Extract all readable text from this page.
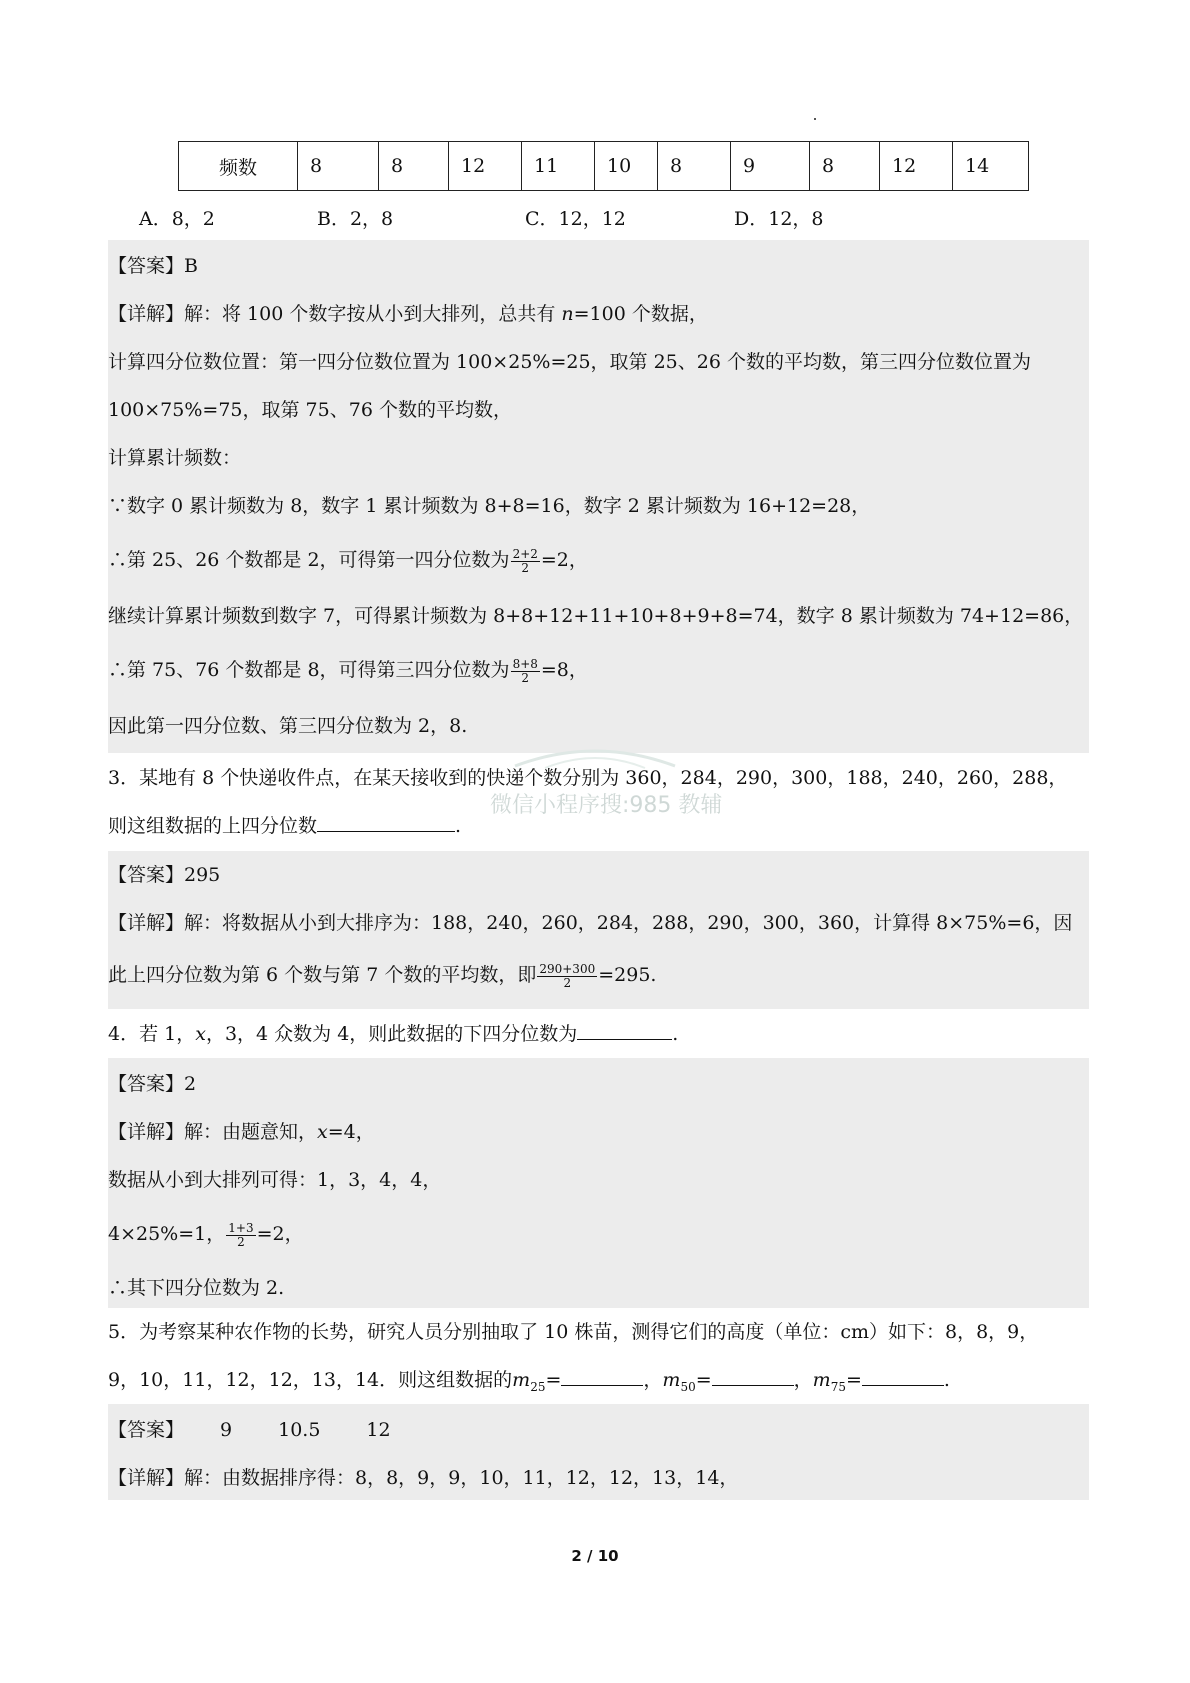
频数	8	8	12	11	10	8	9	8	12	14
A．8，2	B．2，8	C．12，12	D．12，8
【答案】B
【详解】解：将 100 个数字按从小到大排列，总共有 n=100 个数据，
计算四分位数位置：第一四分位数位置为 100×25%=25，取第 25、26 个数的平均数，第三四分位数位置为
100×75%=75，取第 75、76 个数的平均数，
计算累计频数：
∵数字 0 累计频数为 8，数字 1 累计频数为 8+8=16，数字 2 累计频数为 16+12=28，
∴第 25、26 个数都是 2，可得第一四分位数为 $\frac{2+2}{2} =2$，
继续计算累计频数到数字 7，可得累计频数为 8+8+12+11+10+8+9+8=74，数字 8 累计频数为 74+12=86，
∴第 75、76 个数都是 8，可得第三四分位数为 $\frac{8+8}{2} =8$，
因此第一四分位数、第三四分位数为 2，8.
3．某地有 8 个快递收件点，在某天接收到的快递个数分别为 360，284，290，300，188，240，260，288，
则这组数据的上四分位数	.
【答案】295
【详解】解：将数据从小到大排序为：188，240，260，284，288，290，300，360，计算得 8×75%=6，因
此上四分位数为第 6 个数与第 7 个数的平均数，即 $\frac{290+300}{2} =295$.
4．若 1，x，3，4 众数为 4，则此数据的下四分位数为	.
【答案】2
【详解】解：由题意知，x=4，
数据从小到大排列可得：1，3，4，4，
4×25%=1， $\frac{1+3}{2} =2$，
∴其下四分位数为 2.
5．为考察某种农作物的长势，研究人员分别抽取了 10 株苗，测得它们的高度（单位：cm）如下：8，8，9，
9，10，11，12，12，13，14．则这组数据的$m_{25}=$	，$m_{50}=$	，$m_{75}=$	.
【答案】 9 10.5 12
【详解】解：由数据排序得：8，8，9，9，10，11，12，12，13，14，
微信小程序搜:985 教辅
2 / 10
